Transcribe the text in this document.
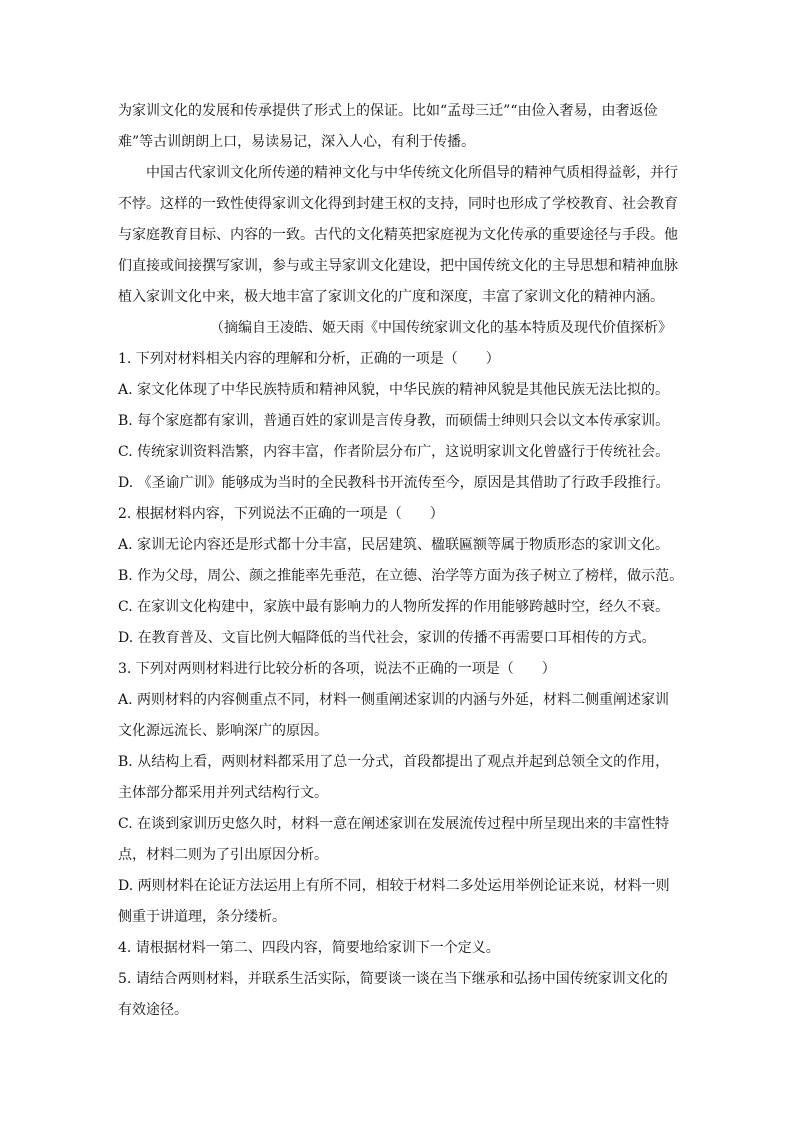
为家训文化的发展和传承提供了形式上的保证。比如“孟母三迁”“由俭入奢易，由奢返俭
难”等古训朗朗上口，易读易记，深入人心，有利于传播。
中国古代家训文化所传递的精神文化与中华传统文化所倡导的精神气质相得益彰，并行
不悖。这样的一致性使得家训文化得到封建王权的支持，同时也形成了学校教育、社会教育
与家庭教育目标、内容的一致。古代的文化精英把家庭视为文化传承的重要途径与手段。他
们直接或间接撰写家训，参与或主导家训文化建设，把中国传统文化的主导思想和精神血脉
植入家训文化中来，极大地丰富了家训文化的广度和深度，丰富了家训文化的精神内涵。
（摘编自王凌皓、姬天雨《中国传统家训文化的基本特质及现代价值探析》
1. 下列对材料相关内容的理解和分析，正确的一项是（　　）
A. 家文化体现了中华民族特质和精神风貌，中华民族的精神风貌是其他民族无法比拟的。
B. 每个家庭都有家训，普通百姓的家训是言传身教，而硕儒士绅则只会以文本传承家训。
C. 传统家训资料浩繁，内容丰富，作者阶层分布广，这说明家训文化曾盛行于传统社会。
D. 《圣谕广训》能够成为当时的全民教科书开流传至今，原因是其借助了行政手段推行。
2. 根据材料内容，下列说法不正确的一项是（　　）
A. 家训无论内容还是形式都十分丰富，民居建筑、楹联匾额等属于物质形态的家训文化。
B. 作为父母，周公、颜之推能率先垂范，在立德、治学等方面为孩子树立了榜样，做示范。
C. 在家训文化构建中，家族中最有影响力的人物所发挥的作用能够跨越时空，经久不衰。
D. 在教育普及、文盲比例大幅降低的当代社会，家训的传播不再需要口耳相传的方式。
3. 下列对两则材料进行比较分析的各项，说法不正确的一项是（　　）
A. 两则材料的内容侧重点不同，材料一侧重阐述家训的内涵与外延，材料二侧重阐述家训
文化源远流长、影响深广的原因。
B. 从结构上看，两则材料都采用了总一分式，首段都提出了观点并起到总领全文的作用，
主体部分都采用并列式结构行文。
C. 在谈到家训历史悠久时，材料一意在阐述家训在发展流传过程中所呈现出来的丰富性特
点，材料二则为了引出原因分析。
D. 两则材料在论证方法运用上有所不同，相较于材料二多处运用举例论证来说，材料一则
侧重于讲道理，条分缕析。
4. 请根据材料一第二、四段内容，简要地给家训下一个定义。
5. 请结合两则材料，并联系生活实际，简要谈一谈在当下继承和弘扬中国传统家训文化的
有效途径。
